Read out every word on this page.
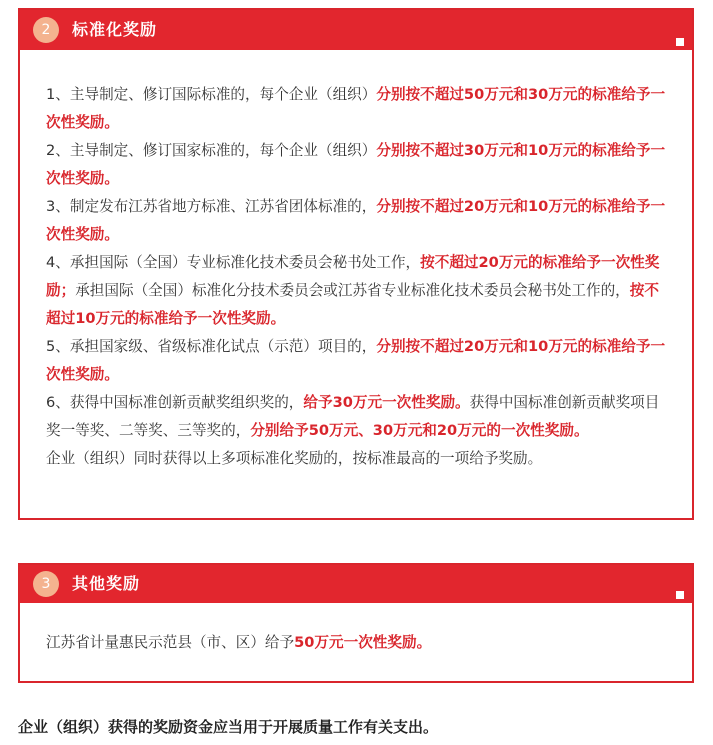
2	标准化奖励

1、主导制定、修订国际标准的，每个企业（组织）分别按不超过50万元和30万元的标准给予一次性奖励。

2、主导制定、修订国家标准的，每个企业（组织）分别按不超过30万元和10万元的标准给予一次性奖励。

3、制定发布江苏省地方标准、江苏省团体标准的，分别按不超过20万元和10万元的标准给予一次性奖励。

4、承担国际（全国）专业标准化技术委员会秘书处工作，按不超过20万元的标准给予一次性奖励；承担国际（全国）标准化分技术委员会或江苏省专业标准化技术委员会秘书处工作的，按不超过10万元的标准给予一次性奖励。

5、承担国家级、省级标准化试点（示范）项目的，分别按不超过20万元和10万元的标准给予一次性奖励。

6、获得中国标准创新贡献奖组织奖的，给予30万元一次性奖励。获得中国标准创新贡献奖项目奖一等奖、二等奖、三等奖的，分别给予50万元、30万元和20万元的一次性奖励。

企业（组织）同时获得以上多项标准化奖励的，按标准最高的一项给予奖励。

3	其他奖励

江苏省计量惠民示范县（市、区）给予50万元一次性奖励。

企业（组织）获得的奖励资金应当用于开展质量工作有关支出。
